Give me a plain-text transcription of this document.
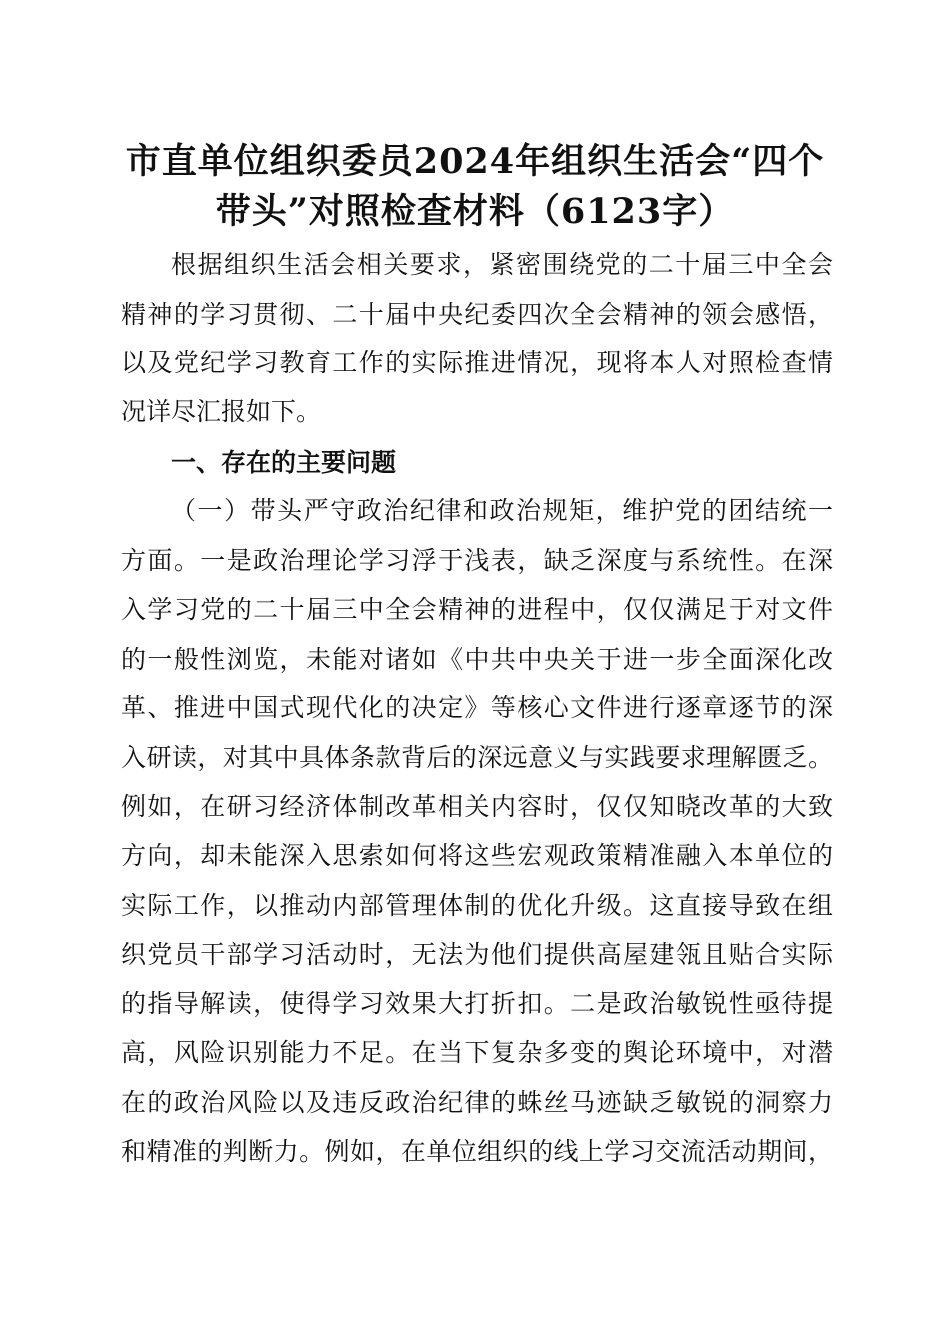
市直单位组织委员2024年组织生活会“四个
带头”对照检查材料（6123字）

根据组织生活会相关要求，紧密围绕党的二十届三中全会

精神的学习贯彻、二十届中央纪委四次全会精神的领会感悟，

以及党纪学习教育工作的实际推进情况，现将本人对照检查情

况详尽汇报如下。

一、存在的主要问题

（一）带头严守政治纪律和政治规矩，维护党的团结统一

方面。一是政治理论学习浮于浅表，缺乏深度与系统性。在深

入学习党的二十届三中全会精神的进程中，仅仅满足于对文件

的一般性浏览，未能对诸如《中共中央关于进一步全面深化改

革、推进中国式现代化的决定》等核心文件进行逐章逐节的深

入研读，对其中具体条款背后的深远意义与实践要求理解匮乏。

例如，在研习经济体制改革相关内容时，仅仅知晓改革的大致

方向，却未能深入思索如何将这些宏观政策精准融入本单位的

实际工作，以推动内部管理体制的优化升级。这直接导致在组

织党员干部学习活动时，无法为他们提供高屋建瓴且贴合实际

的指导解读，使得学习效果大打折扣。二是政治敏锐性亟待提

高，风险识别能力不足。在当下复杂多变的舆论环境中，对潜

在的政治风险以及违反政治纪律的蛛丝马迹缺乏敏锐的洞察力

和精准的判断力。例如，在单位组织的线上学习交流活动期间，
